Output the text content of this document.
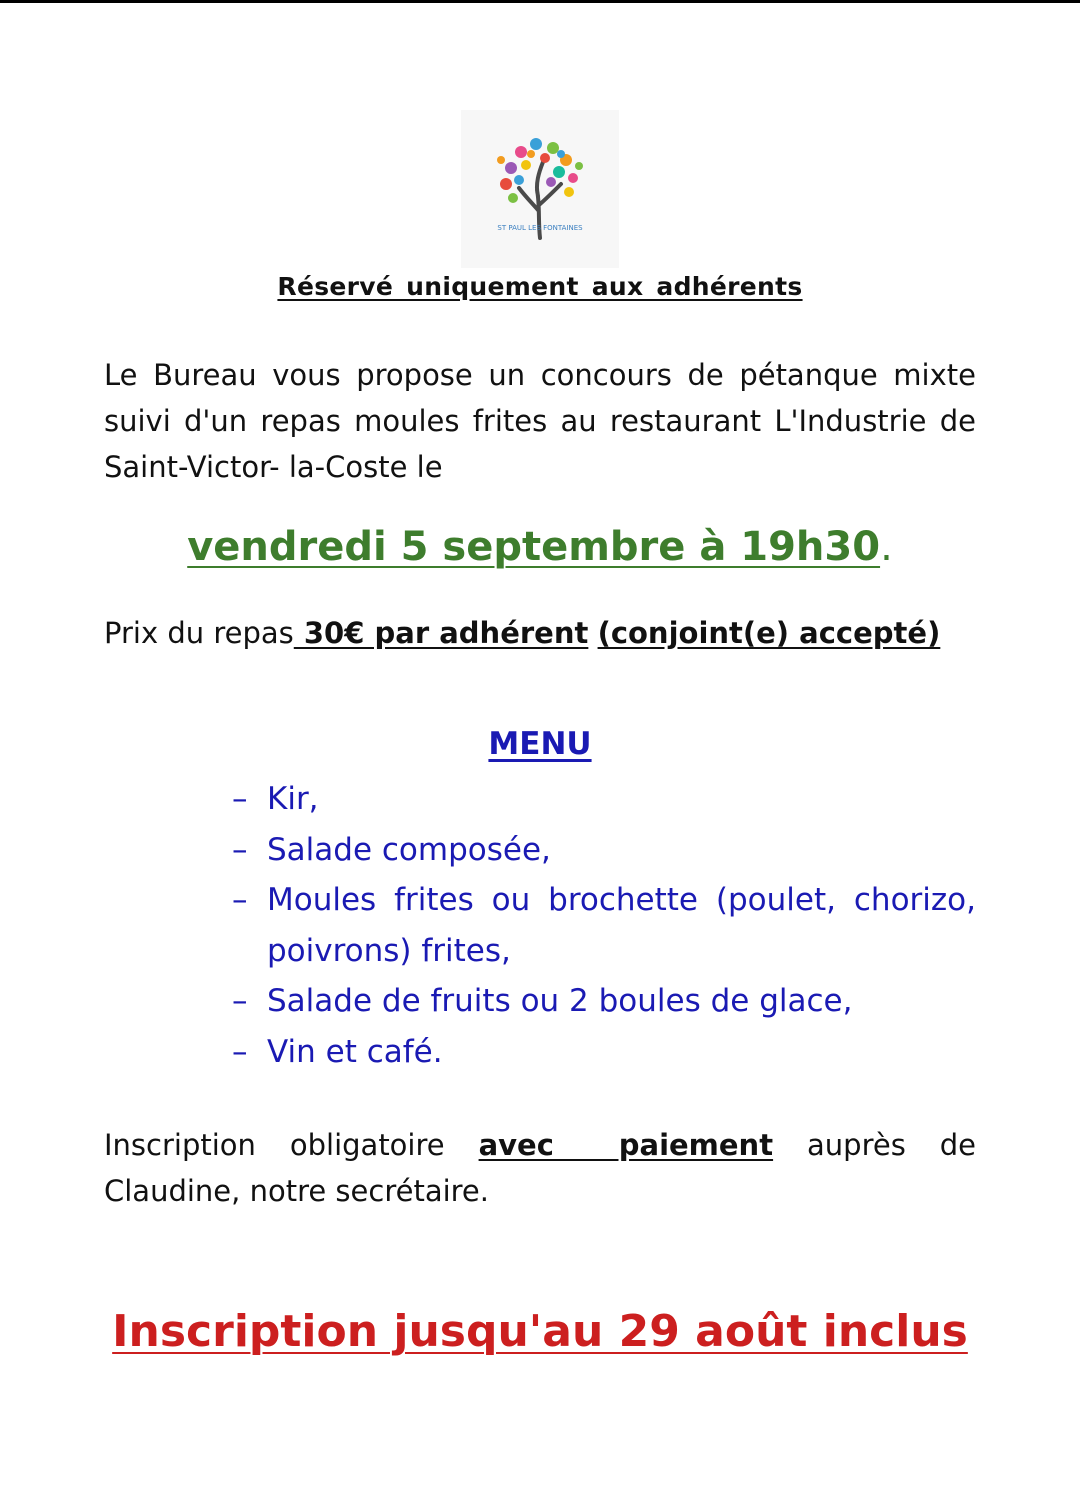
ST PAUL LES FONTAINES
Réservé uniquement aux adhérents
Le Bureau vous propose un concours de pétanque mixte suivi d'un repas moules frites au restaurant L'Industrie de Saint-Victor- la-Coste le
vendredi 5 septembre à 19h30.
Prix du repas 30€ par adhérent (conjoint(e) accepté)
MENU
– Kir,
– Salade composée,
– Moules frites ou brochette (poulet, chorizo, poivrons) frites,
– Salade de fruits ou 2 boules de glace,
– Vin et café.
Inscription obligatoire avec paiement auprès de Claudine, notre secrétaire.
Inscription jusqu'au 29 août inclus
